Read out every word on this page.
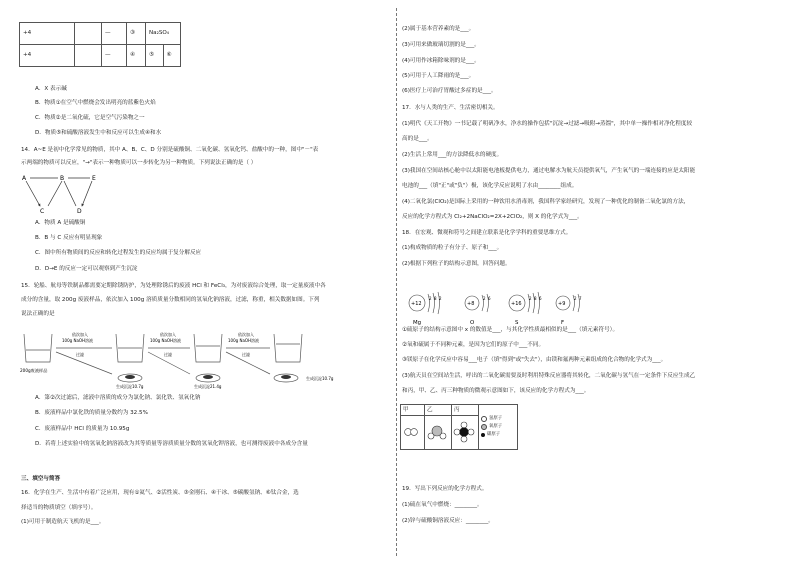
+4		—	③	Na₂SO₄	
+4		—	④	⑤	⑥
A．X 表示碱
B．物质①在空气中燃烧会发出明亮的蓝紫色火焰
C．物质②是二氧化硫，它是空气污染物之一
D．物质⑤和硫酸溶液发生中和反应可以生成④和水
14．A~E 是初中化学常见的物质，其中 A、B、C、D 分别是硫酸铜、二氧化碳、氢氧化钙、盐酸中的一种，图中"－"表
示两端的物质可以反应，"→"表示一种物质可以一步转化为另一种物质。下列说法正确的是（ ）
A	B	E
C	D
A．物质 A 是硫酸铜
B．B 与 C 反应有明显现象
C．图中所有物质间的反应和转化过程发生的反应均属于复分解反应
D．D→E 的反应一定可以观察到产生沉淀
15．轮船、航母等铁制品都需要定期除锈防护，为处理除锈后的废液 HCl 和 FeCl₃，为对废液综合处理，取一定量废液中各
成分的含量，取 200g 废液样品，依次加入 100g 溶质质量分数相同的氢氧化钠溶液，过滤，称重，相关数据如图。下列
说法正确的是
200g废液样品
依次加入
100g NaOH溶液
过滤
依次加入
100g NaOH溶液
过滤
依次加入
100g NaOH溶液
过滤
生成沉淀10.7g	生成沉淀21.4g
生成沉淀10.7g
A．第②次过滤后，滤液中溶质的成分为氯化钠、氯化铁、氢氧化钠
B．废液样品中氯化铁的质量分数约为 32.5%
C．废液样品中 HCl 的质量为 10.95g
D．若将上述实验中的氢氧化钠溶液改为其等质量等溶质质量分数的氢氧化钾溶液，也可测得废液中各成分含量
三、填空与简答
16．化学在生产、生活中有着广泛应用，现有①氦气、②活性炭、③金刚石、④干冰、⑤碳酸氢钠、⑥钛合金，选
择适当的物质填空（填序号）。
(1)可用于制造航天飞机的是___。
(2)属于基本营养素的是___。
(3)可用来做玻璃切割的是___。
(4)可用作冰箱除味剂的是___。
(5)可用于人工降雨的是___。
(6)医疗上可治疗胃酸过多症的是___。
17．水与人类的生产、生活密切相关。
(1)明代《天工开物》一书记载了明矾净水，净水的操作包括"沉淀→过滤→吸附→蒸馏"，其中单一操作相对净化程度较
高的是___。
(2)生活上常用___的方法降低水的硬度。
(3)我国在空间站核心舱中以太阳能电池板提供电力，通过电解水为航天员提供氧气，产生氧气的一端连接的应是太阳能
电池的___（填"正"或"负"）极，该化学反应说明了水由________组成。
(4)二氧化氯(ClO₂)是国际上采用的一种饮用水消毒剂，我国科学家经研究，发现了一种优化的制备二氧化氯的方法，
反应的化学方程式为 Cl₂+2NaClO₂=2X+2ClO₂，则 X 的化学式为___。
18．在宏观、微观和符号之间建立联系是化学学科的重要思维方式。
(1)构成物质的粒子有分子、原子和___。
(2)根据下列粒子的结构示意图，回答问题。
+12
2 8 2
Mg
+8
2 6
O
+16
2 8 6
S
+9
2 7
F
①硫原子的结构示意图中 x 的数值是___，与其化学性质最相似的是___（填元素符号）。
②氧和硫属于不同种元素，是因为它们的原子中___不同。
③镁原子在化学反应中容易___电子（填"得到"或"失去"），由镁和氟两种元素组成的化合物的化学式为___。
(3)航天员在空间站生活，呼出的二氧化碳需要及时利用特殊反应器将其转化，二氧化碳与氢气在一定条件下反应生成乙
和丙，甲、乙、丙三种物质的微观示意图如下，该反应的化学方程式为___。
甲	乙	丙	氢原子
氧原子
碳原子

19．写出下列反应的化学方程式。
(1)硫在氧气中燃烧：________。
(2)锌与硫酸铜溶液反应：________。
